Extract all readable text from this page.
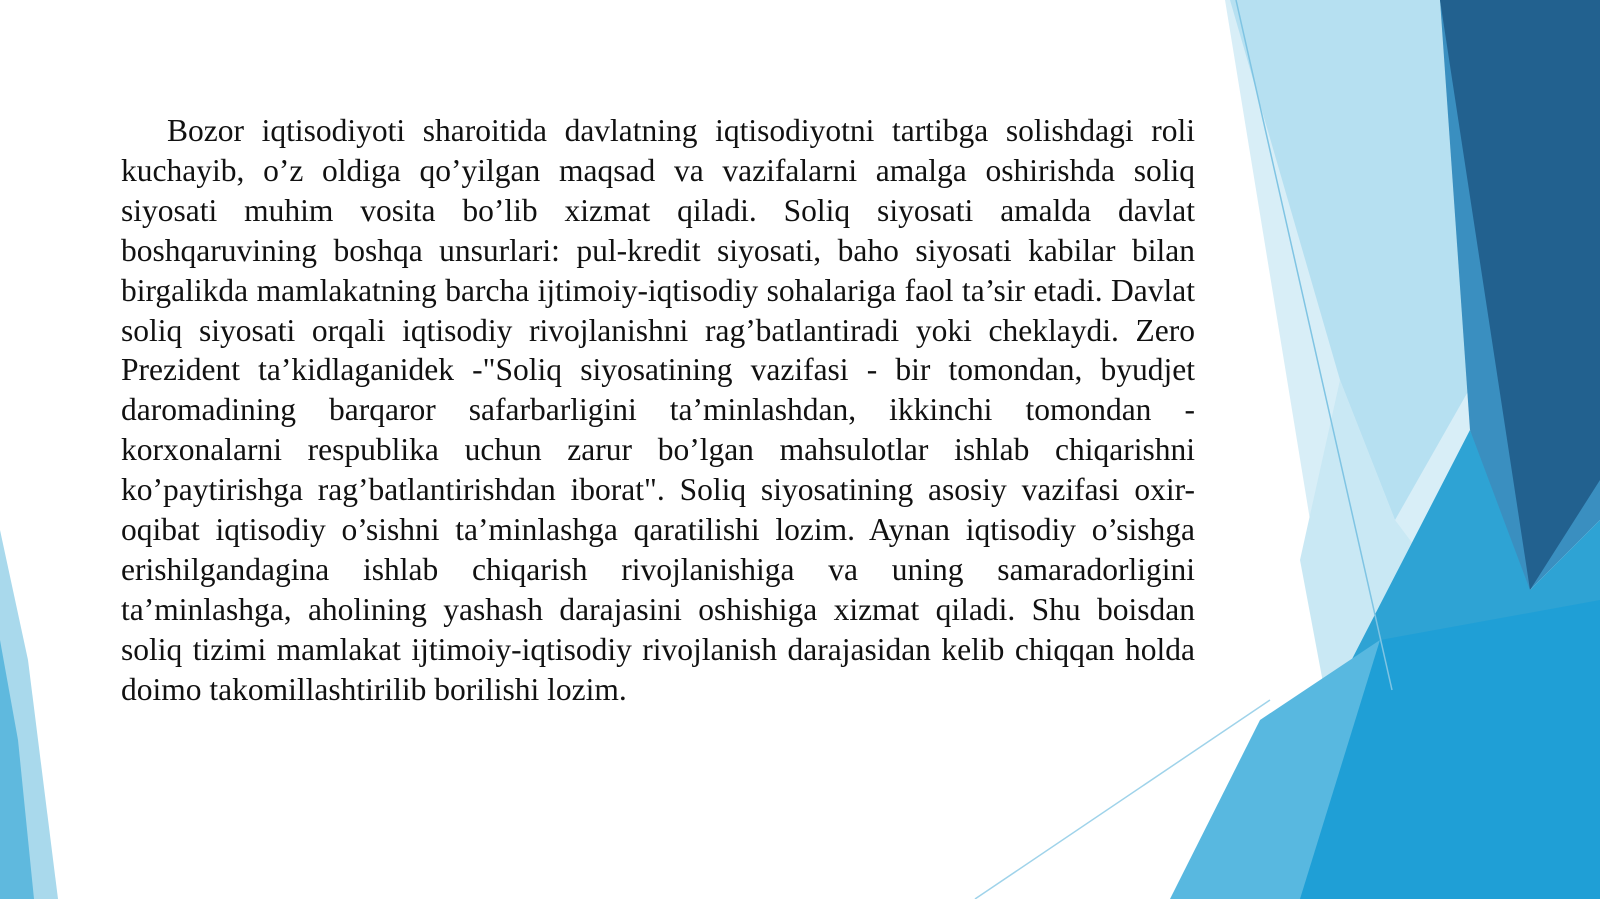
Bozor iqtisodiyoti sharoitida davlatning iqtisodiyotni tartibga solishdagi roli kuchayib, o’z oldiga qo’yilgan maqsad va vazifalarni amalga oshirishda soliq siyosati muhim vosita bo’lib xizmat qiladi. Soliq siyosati amalda davlat boshqaruvining boshqa unsurlari: pul-kredit siyosati, baho siyosati kabilar bilan birgalikda mamlakatning barcha ijtimoiy-iqtisodiy sohalariga faol ta’sir etadi. Davlat soliq siyosati orqali iqtisodiy rivojlanishni rag’batlantiradi yoki cheklaydi. Zero Prezident ta’kidlaganidek -"Soliq siyosatining vazifasi - bir tomondan, byudjet daromadining barqaror safarbarligini ta’minlashdan, ikkinchi tomondan - korxonalarni respublika uchun zarur bo’lgan mahsulotlar ishlab chiqarishni ko’paytirishga rag’batlantirishdan iborat". Soliq siyosatining asosiy vazifasi oxir-oqibat iqtisodiy o’sishni ta’minlashga qaratilishi lozim. Aynan iqtisodiy o’sishga erishilgandagina ishlab chiqarish rivojlanishiga va uning samaradorligini ta’minlashga, aholining yashash darajasini oshishiga xizmat qiladi. Shu boisdan soliq tizimi mamlakat ijtimoiy-iqtisodiy rivojlanish darajasidan kelib chiqqan holda doimo takomillashtirilib borilishi lozim.
